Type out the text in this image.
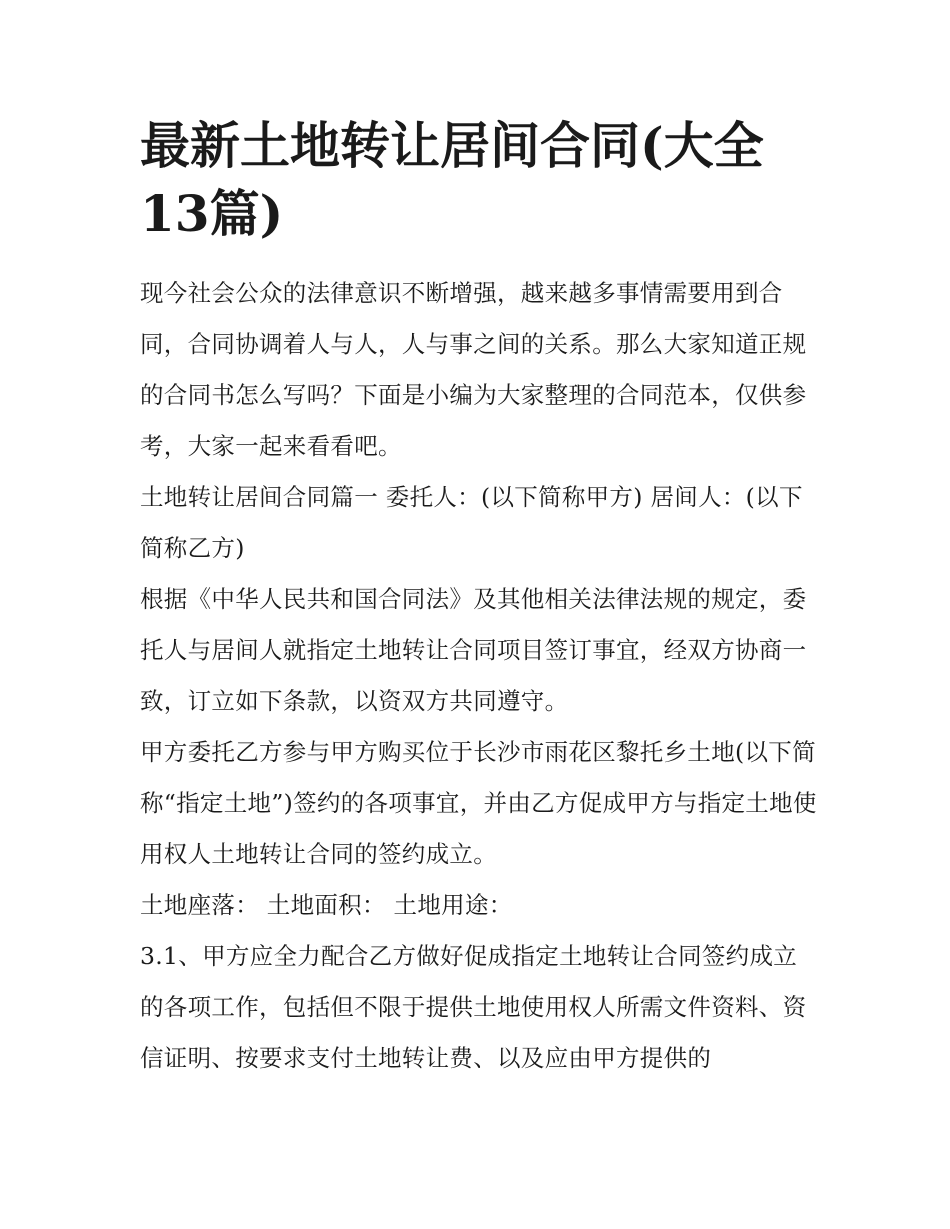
最新土地转让居间合同(大全13篇)

现今社会公众的法律意识不断增强，越来越多事情需要用到合同，合同协调着人与人，人与事之间的关系。那么大家知道正规的合同书怎么写吗？下面是小编为大家整理的合同范本，仅供参考，大家一起来看看吧。

土地转让居间合同篇一 委托人：(以下简称甲方) 居间人：(以下简称乙方)

根据《中华人民共和国合同法》及其他相关法律法规的规定，委托人与居间人就指定土地转让合同项目签订事宜，经双方协商一致，订立如下条款，以资双方共同遵守。

甲方委托乙方参与甲方购买位于长沙市雨花区黎托乡土地(以下简称“指定土地”)签约的各项事宜，并由乙方促成甲方与指定土地使用权人土地转让合同的签约成立。

土地座落： 土地面积： 土地用途：

3.1、甲方应全力配合乙方做好促成指定土地转让合同签约成立的各项工作，包括但不限于提供土地使用权人所需文件资料、资信证明、按要求支付土地转让费、以及应由甲方提供的
